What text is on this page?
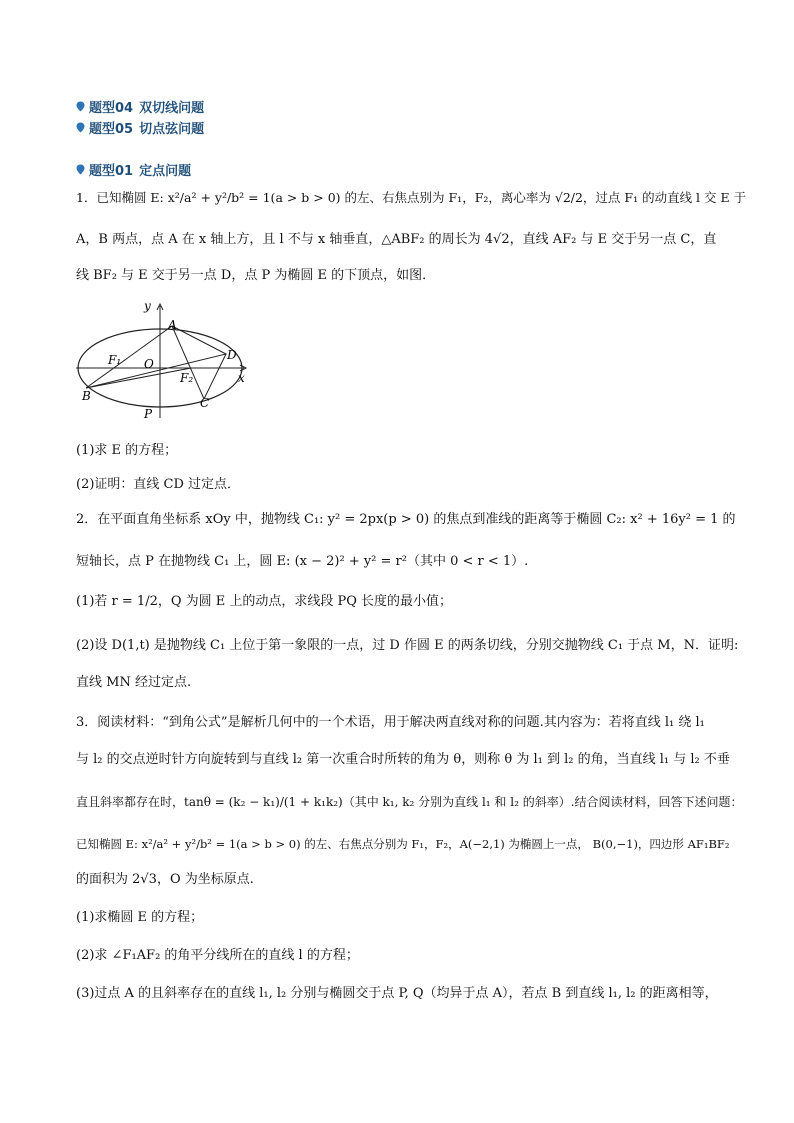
题型04 双切线问题
题型05 切点弦问题
题型01 定点问题
1．已知椭圆 E: x²/a² + y²/b² = 1(a > b > 0) 的左、右焦点别为 F₁，F₂，离心率为 √2/2，过点 F₁ 的动直线 l 交 E 于
A，B 两点，点 A 在 x 轴上方，且 l 不与 x 轴垂直，△ABF₂ 的周长为 4√2，直线 AF₂ 与 E 交于另一点 C，直
线 BF₂ 与 E 交于另一点 D，点 P 为椭圆 E 的下顶点，如图．
y
x
A
O
D
F₁
F₂
B	C
P
(1)求 E 的方程；
(2)证明：直线 CD 过定点．
2．在平面直角坐标系 xOy 中，抛物线 C₁: y² = 2px(p > 0) 的焦点到准线的距离等于椭圆 C₂: x² + 16y² = 1 的
短轴长，点 P 在抛物线 C₁ 上，圆 E: (x − 2)² + y² = r²（其中 0 < r < 1）.
(1)若 r = 1/2，Q 为圆 E 上的动点，求线段 PQ 长度的最小值；
(2)设 D(1,t) 是抛物线 C₁ 上位于第一象限的一点，过 D 作圆 E 的两条切线，分别交抛物线 C₁ 于点 M，N．证明:
直线 MN 经过定点.
3．阅读材料：“到角公式”是解析几何中的一个术语，用于解决两直线对称的问题.其内容为：若将直线 l₁ 绕 l₁
与 l₂ 的交点逆时针方向旋转到与直线 l₂ 第一次重合时所转的角为 θ，则称 θ 为 l₁ 到 l₂ 的角，当直线 l₁ 与 l₂ 不垂
直且斜率都存在时，tanθ = (k₂ − k₁)/(1 + k₁k₂)（其中 k₁, k₂ 分别为直线 l₁ 和 l₂ 的斜率）.结合阅读材料，回答下述问题：
已知椭圆 E: x²/a² + y²/b² = 1(a > b > 0) 的左、右焦点分别为 F₁，F₂，A(−2,1) 为椭圆上一点， B(0,−1)，四边形 AF₁BF₂
的面积为 2√3，O 为坐标原点.
(1)求椭圆 E 的方程；
(2)求 ∠F₁AF₂ 的角平分线所在的直线 l 的方程；
(3)过点 A 的且斜率存在的直线 l₁, l₂ 分别与椭圆交于点 P, Q（均异于点 A），若点 B 到直线 l₁, l₂ 的距离相等，
